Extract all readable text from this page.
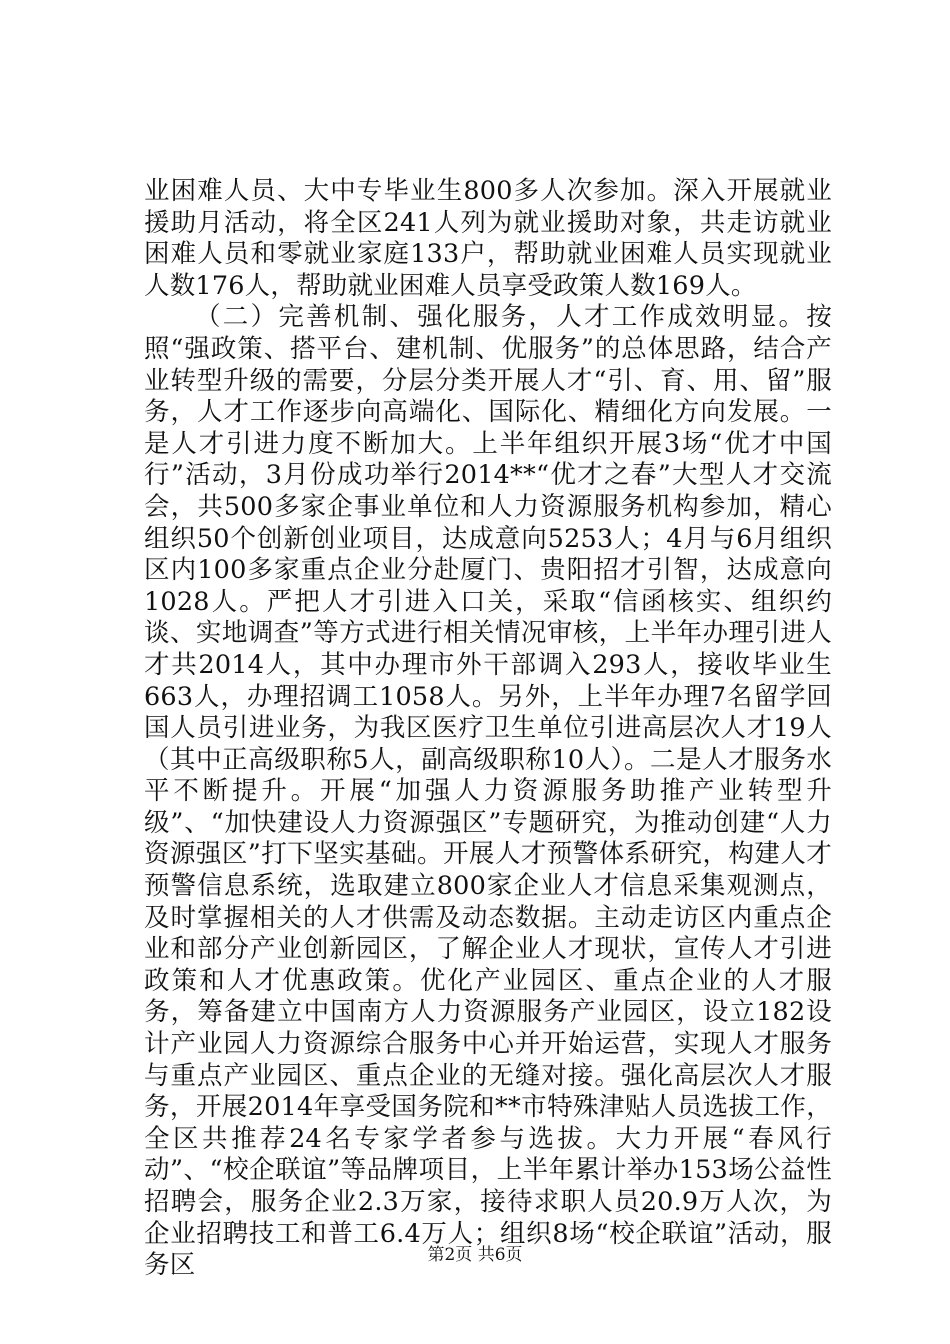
业困难人员、大中专毕业生800多人次参加。深入开展就业援助月活动，将全区241人列为就业援助对象，共走访就业困难人员和零就业家庭133户，帮助就业困难人员实现就业人数176人，帮助就业困难人员享受政策人数169人。

（二）完善机制、强化服务，人才工作成效明显。按照“强政策、搭平台、建机制、优服务”的总体思路，结合产业转型升级的需要，分层分类开展人才“引、育、用、留”服务，人才工作逐步向高端化、国际化、精细化方向发展。一是人才引进力度不断加大。上半年组织开展3场“优才中国行”活动，3月份成功举行2014**“优才之春”大型人才交流会，共500多家企事业单位和人力资源服务机构参加，精心组织50个创新创业项目，达成意向5253人；4月与6月组织区内100多家重点企业分赴厦门、贵阳招才引智，达成意向1028人。严把人才引进入口关，采取“信函核实、组织约谈、实地调查”等方式进行相关情况审核，上半年办理引进人才共2014人，其中办理市外干部调入293人，接收毕业生663人，办理招调工1058人。另外，上半年办理7名留学回国人员引进业务，为我区医疗卫生单位引进高层次人才19人（其中正高级职称5人，副高级职称10人）。二是人才服务水平不断提升。开展“加强人力资源服务助推产业转型升级”、“加快建设人力资源强区”专题研究，为推动创建“人力资源强区”打下坚实基础。开展人才预警体系研究，构建人才预警信息系统，选取建立800家企业人才信息采集观测点，及时掌握相关的人才供需及动态数据。主动走访区内重点企业和部分产业创新园区，了解企业人才现状，宣传人才引进政策和人才优惠政策。优化产业园区、重点企业的人才服务，筹备建立中国南方人力资源服务产业园区，设立182设计产业园人力资源综合服务中心并开始运营，实现人才服务与重点产业园区、重点企业的无缝对接。强化高层次人才服务，开展2014年享受国务院和**市特殊津贴人员选拔工作，全区共推荐24名专家学者参与选拔。大力开展“春风行动”、“校企联谊”等品牌项目，上半年累计举办153场公益性招聘会，服务企业2.3万家，接待求职人员20.9万人次，为企业招聘技工和普工6.4万人；组织8场“校企联谊”活动，服务区	第2页 共6页
